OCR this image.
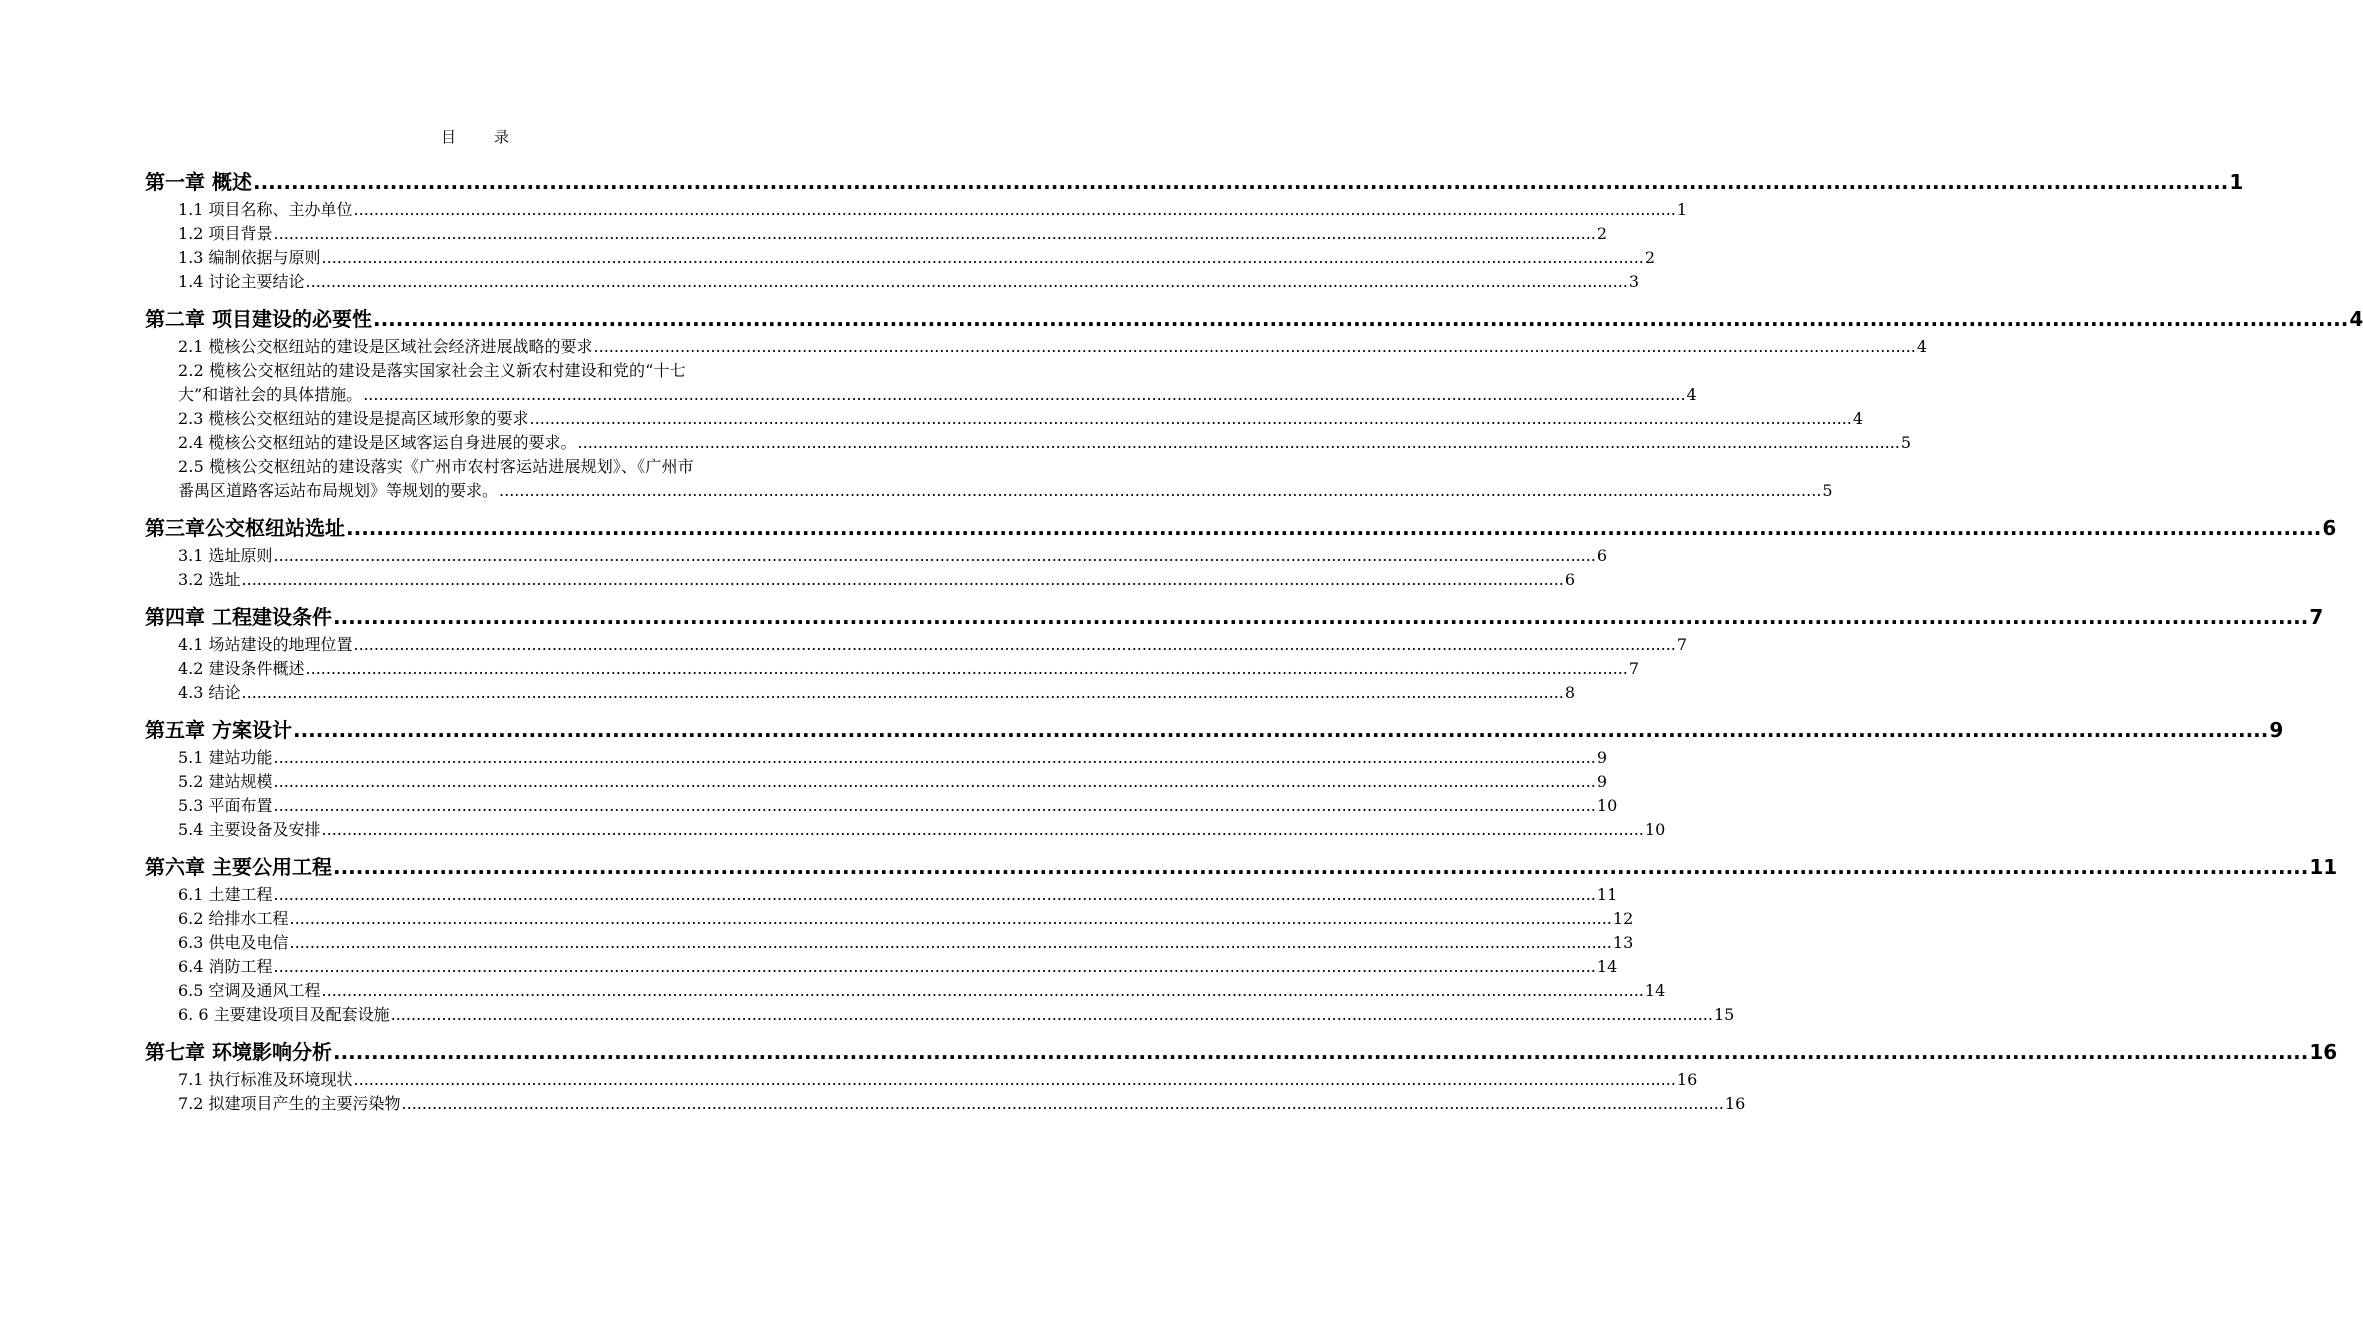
目录
第一章 概述 .................................................................................................................................................................................................................................................................... 1
1.1 项目名称、主办单位 .................................................................................................................................................................................................................................................................... 1
1.2 项目背景 .................................................................................................................................................................................................................................................................... 2
1.3 编制依据与原则 .................................................................................................................................................................................................................................................................... 2
1.4 讨论主要结论 .................................................................................................................................................................................................................................................................... 3
第二章 项目建设的必要性 .................................................................................................................................................................................................................................................................... 4
2.1 榄核公交枢纽站的建设是区域社会经济进展战略的要求 .................................................................................................................................................................................................................................................................... 4
2.2 榄核公交枢纽站的建设是落实国家社会主义新农村建设和党的“十七
大”和谐社会的具体措施。 .................................................................................................................................................................................................................................................................... 4
2.3 榄核公交枢纽站的建设是提高区域形象的要求 .................................................................................................................................................................................................................................................................... 4
2.4 榄核公交枢纽站的建设是区域客运自身进展的要求。 .................................................................................................................................................................................................................................................................... 5
2.5 榄核公交枢纽站的建设落实《广州市农村客运站进展规划》、《广州市
番禺区道路客运站布局规划》等规划的要求。 .................................................................................................................................................................................................................................................................... 5
第三章公交枢纽站选址 .................................................................................................................................................................................................................................................................... 6
3.1 选址原则 .................................................................................................................................................................................................................................................................... 6
3.2 选址 .................................................................................................................................................................................................................................................................... 6
第四章 工程建设条件 .................................................................................................................................................................................................................................................................... 7
4.1 场站建设的地理位置 .................................................................................................................................................................................................................................................................... 7
4.2 建设条件概述 .................................................................................................................................................................................................................................................................... 7
4.3 结论 .................................................................................................................................................................................................................................................................... 8
第五章 方案设计 .................................................................................................................................................................................................................................................................... 9
5.1 建站功能 .................................................................................................................................................................................................................................................................... 9
5.2 建站规模 .................................................................................................................................................................................................................................................................... 9
5.3 平面布置 .................................................................................................................................................................................................................................................................... 10
5.4 主要设备及安排 .................................................................................................................................................................................................................................................................... 10
第六章 主要公用工程 .................................................................................................................................................................................................................................................................... 11
6.1 土建工程 .................................................................................................................................................................................................................................................................... 11
6.2 给排水工程 .................................................................................................................................................................................................................................................................... 12
6.3 供电及电信 .................................................................................................................................................................................................................................................................... 13
6.4 消防工程 .................................................................................................................................................................................................................................................................... 14
6.5 空调及通风工程 .................................................................................................................................................................................................................................................................... 14
6. 6 主要建设项目及配套设施 .................................................................................................................................................................................................................................................................... 15
第七章 环境影响分析 .................................................................................................................................................................................................................................................................... 16
7.1 执行标准及环境现状 .................................................................................................................................................................................................................................................................... 16
7.2 拟建项目产生的主要污染物 .................................................................................................................................................................................................................................................................... 16
